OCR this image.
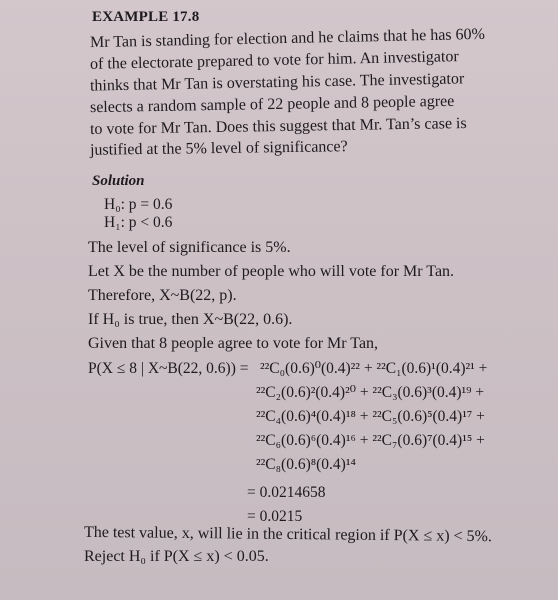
EXAMPLE 17.8
Mr Tan is standing for election and he claims that he has 60%
of the electorate prepared to vote for him. An investigator
thinks that Mr Tan is overstating his case. The investigator
selects a random sample of 22 people and 8 people agree
to vote for Mr Tan. Does this suggest that Mr. Tan’s case is
justified at the 5% level of significance?
Solution
H₀: p = 0.6
H₁: p < 0.6
The level of significance is 5%.
Let X be the number of people who will vote for Mr Tan.
Therefore, X~B(22, p).
If H₀ is true, then X~B(22, 0.6).
Given that 8 people agree to vote for Mr Tan,
P(X ≤ 8 | X~B(22, 0.6)) = ²²C₀(0.6)⁰(0.4)²² + ²²C₁(0.6)¹(0.4)²¹ +
²²C₂(0.6)²(0.4)²⁰ + ²²C₃(0.6)³(0.4)¹⁹ +
²²C₄(0.6)⁴(0.4)¹⁸ + ²²C₅(0.6)⁵(0.4)¹⁷ +
²²C₆(0.6)⁶(0.4)¹⁶ + ²²C₇(0.6)⁷(0.4)¹⁵ +
²²C₈(0.6)⁸(0.4)¹⁴
= 0.0214658
= 0.0215
The test value, x, will lie in the critical region if P(X ≤ x) < 5%.
Reject H₀ if P(X ≤ x) < 0.05.
